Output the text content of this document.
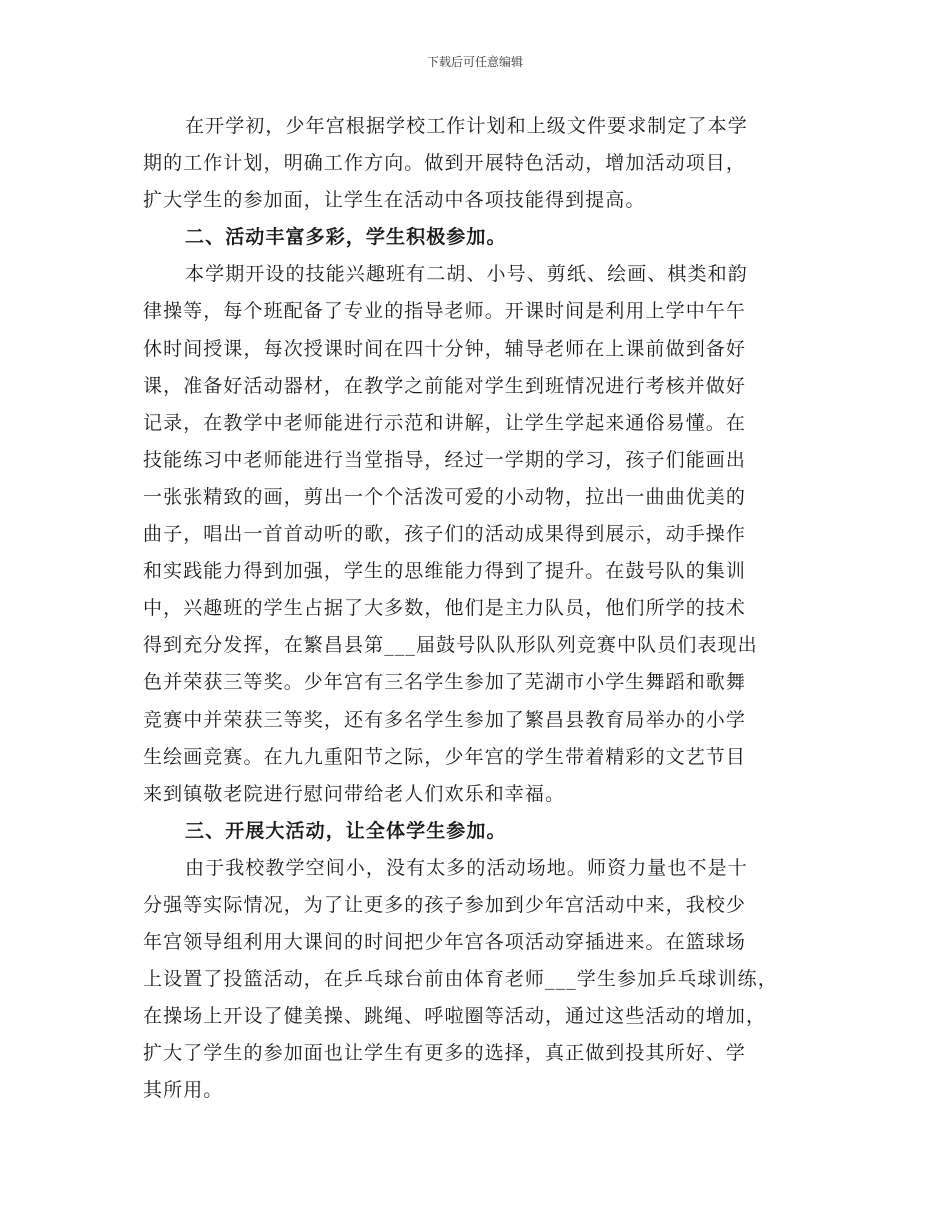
下载后可任意编辑
在开学初，少年宫根据学校工作计划和上级文件要求制定了本学
期的工作计划，明确工作方向。做到开展特色活动，增加活动项目，
扩大学生的参加面，让学生在活动中各项技能得到提高。
二、活动丰富多彩，学生积极参加。
本学期开设的技能兴趣班有二胡、小号、剪纸、绘画、棋类和韵
律操等，每个班配备了专业的指导老师。开课时间是利用上学中午午
休时间授课，每次授课时间在四十分钟，辅导老师在上课前做到备好
课，准备好活动器材，在教学之前能对学生到班情况进行考核并做好
记录，在教学中老师能进行示范和讲解，让学生学起来通俗易懂。在
技能练习中老师能进行当堂指导，经过一学期的学习，孩子们能画出
一张张精致的画，剪出一个个活泼可爱的小动物，拉出一曲曲优美的
曲子，唱出一首首动听的歌，孩子们的活动成果得到展示，动手操作
和实践能力得到加强，学生的思维能力得到了提升。在鼓号队的集训
中，兴趣班的学生占据了大多数，他们是主力队员，他们所学的技术
得到充分发挥，在繁昌县第___届鼓号队队形队列竞赛中队员们表现出
色并荣获三等奖。少年宫有三名学生参加了芜湖市小学生舞蹈和歌舞
竞赛中并荣获三等奖，还有多名学生参加了繁昌县教育局举办的小学
生绘画竞赛。在九九重阳节之际，少年宫的学生带着精彩的文艺节目
来到镇敬老院进行慰问带给老人们欢乐和幸福。
三、开展大活动，让全体学生参加。
由于我校教学空间小，没有太多的活动场地。师资力量也不是十
分强等实际情况，为了让更多的孩子参加到少年宫活动中来，我校少
年宫领导组利用大课间的时间把少年宫各项活动穿插进来。在篮球场
上设置了投篮活动，在乒乓球台前由体育老师___学生参加乒乓球训练，
在操场上开设了健美操、跳绳、呼啦圈等活动，通过这些活动的增加，
扩大了学生的参加面也让学生有更多的选择，真正做到投其所好、学
其所用。
